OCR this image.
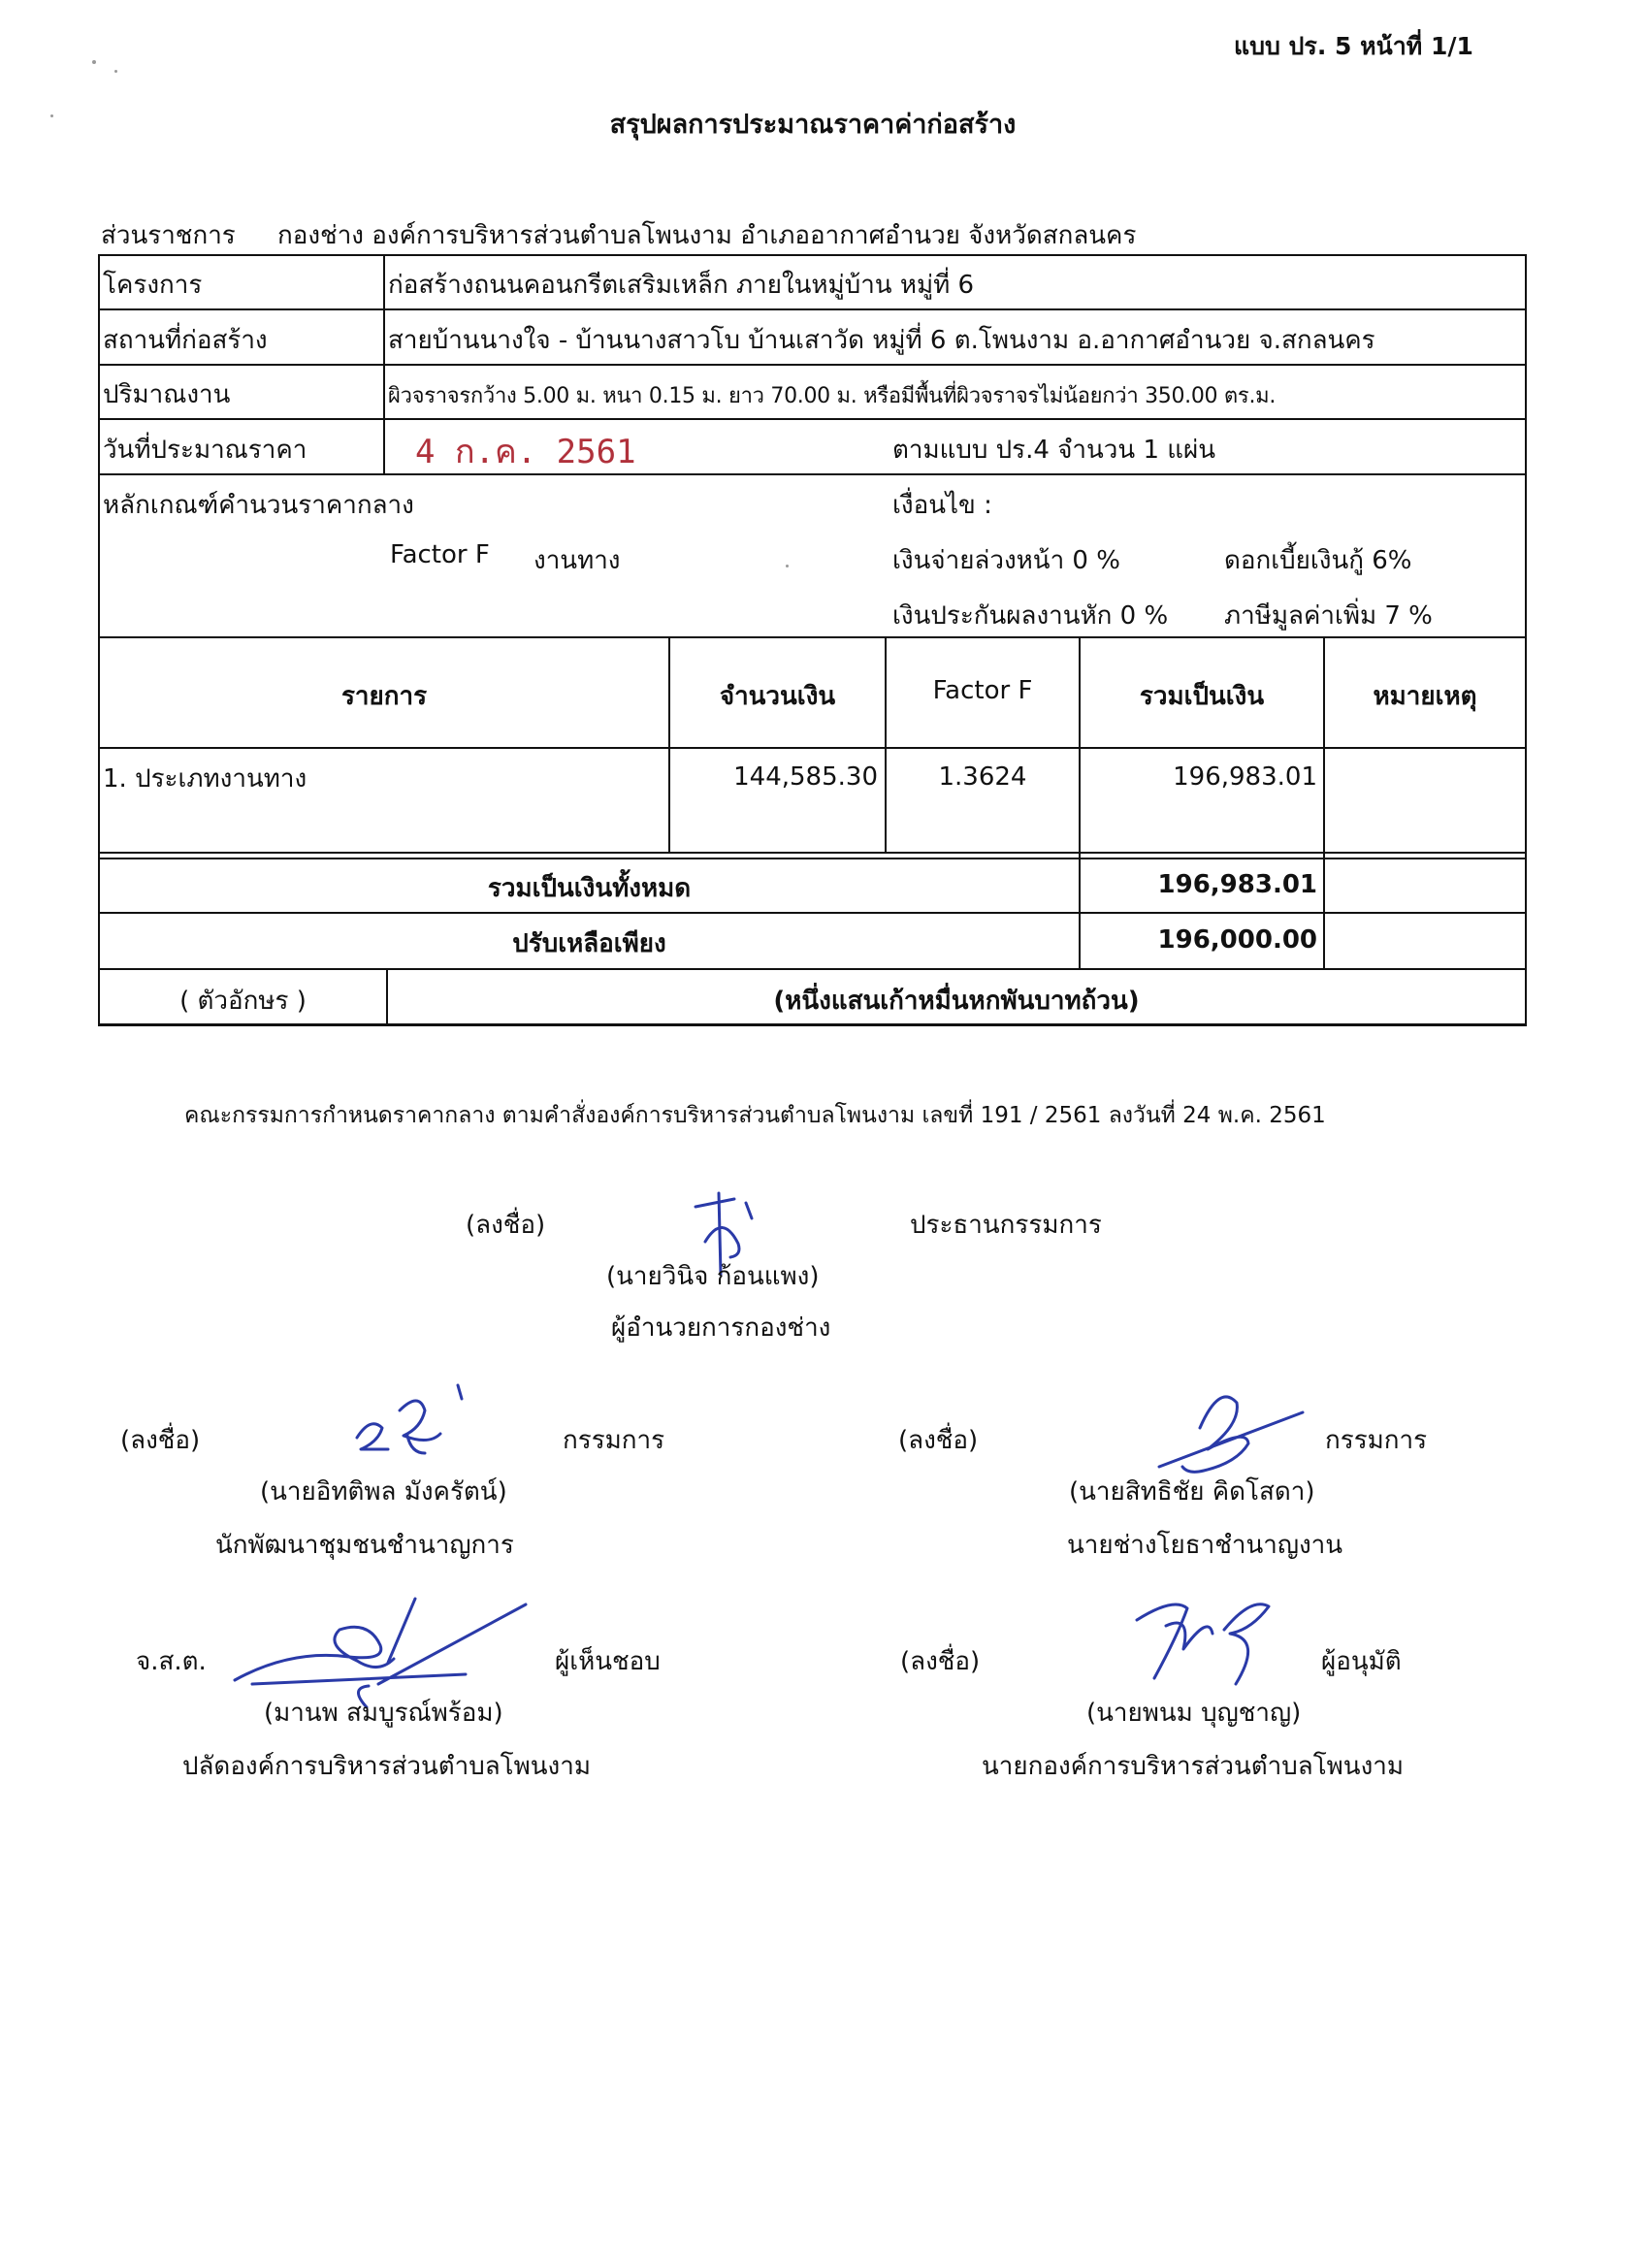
แบบ ปร. 5 หน้าที่ 1/1
สรุปผลการประมาณราคาค่าก่อสร้าง
ส่วนราชการ กองช่าง องค์การบริหารส่วนตำบลโพนงาม อำเภออากาศอำนวย จังหวัดสกลนคร
โครงการ	ก่อสร้างถนนคอนกรีตเสริมเหล็ก ภายในหมู่บ้าน หมู่ที่ 6
สถานที่ก่อสร้าง	สายบ้านนางใจ - บ้านนางสาวโบ บ้านเสาวัด หมู่ที่ 6 ต.โพนงาม อ.อากาศอำนวย จ.สกลนคร
ปริมาณงาน	ผิวจราจรกว้าง 5.00 ม. หนา 0.15 ม. ยาว 70.00 ม. หรือมีพื้นที่ผิวจราจรไม่น้อยกว่า 350.00 ตร.ม.
วันที่ประมาณราคา	4 ก.ค. 2561	ตามแบบ ปร.4 จำนวน 1 แผ่น
หลักเกณฑ์คำนวนราคากลาง	เงื่อนไข :
Factor F งานทาง	เงินจ่ายล่วงหน้า 0 %	ดอกเบี้ยเงินกู้ 6%
เงินประกันผลงานหัก 0 % ภาษีมูลค่าเพิ่ม 7 %
รายการ	จำนวนเงิน	Factor F	รวมเป็นเงิน	หมายเหตุ
1. ประเภทงานทาง	144,585.30	1.3624	196,983.01
รวมเป็นเงินทั้งหมด	196,983.01
ปรับเหลือเพียง	196,000.00
( ตัวอักษร )	(หนึ่งแสนเก้าหมื่นหกพันบาทถ้วน)
คณะกรรมการกำหนดราคากลาง ตามคำสั่งองค์การบริหารส่วนตำบลโพนงาม เลขที่ 191 / 2561 ลงวันที่ 24 พ.ค. 2561
(ลงชื่อ)	ประธานกรรมการ
(นายวินิจ ก้อนแพง)
ผู้อำนวยการกองช่าง
(ลงชื่อ)	กรรมการ
(นายอิทติพล มังครัตน์)
นักพัฒนาชุมชนชำนาญการ
(ลงชื่อ)	กรรมการ
(นายสิทธิชัย คิดโสดา)
นายช่างโยธาชำนาญงาน
จ.ส.ต.	ผู้เห็นชอบ
(มานพ สมบูรณ์พร้อม)
ปลัดองค์การบริหารส่วนตำบลโพนงาม
(ลงชื่อ)	ผู้อนุมัติ
(นายพนม บุญชาญ)
นายกองค์การบริหารส่วนตำบลโพนงาม
